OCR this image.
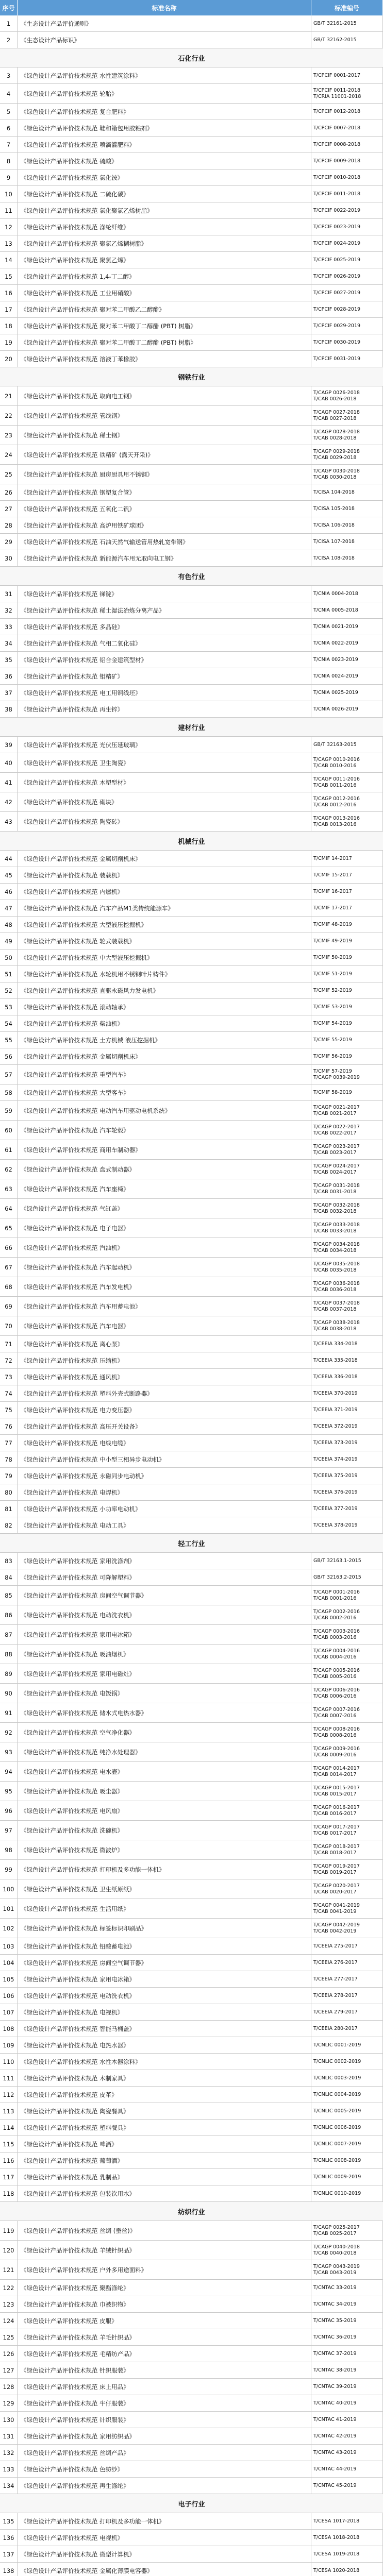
序号	标准名称	标准编号
1	《生态设计产品评价通则》	GB/T 32161-2015
2	《生态设计产品标识》	GB/T 32162-2015
石化行业
3	《绿色设计产品评价技术规范 水性建筑涂料》	T/CPCIF 0001-2017
4	《绿色设计产品评价技术规范 轮胎》	T/CPCIF 0011-2018
T/CRIA 11001-2018
5	《绿色设计产品评价技术规范 复合肥料》	T/CPCIF 0012-2018
6	《绿色设计产品评价技术规范 鞋和箱包用胶粘剂》	T/CPCIF 0007-2018
7	《绿色设计产品评价技术规范 喷滴灌肥料》	T/CPCIF 0008-2018
8	《绿色设计产品评价技术规范 硫酸》	T/CPCIF 0009-2018
9	《绿色设计产品评价技术规范 氯化铵》	T/CPCIF 0010-2018
10	《绿色设计产品评价技术规范 二硫化碳》	T/CPCIF 0011-2018
11	《绿色设计产品评价技术规范 氯化聚氯乙烯树脂》	T/CPCIF 0022-2019
12	《绿色设计产品评价技术规范 涤纶纤维》	T/CPCIF 0023-2019
13	《绿色设计产品评价技术规范 聚氯乙烯糊树脂》	T/CPCIF 0024-2019
14	《绿色设计产品评价技术规范 聚氯乙烯》	T/CPCIF 0025-2019
15	《绿色设计产品评价技术规范 1,4-丁二醇》	T/CPCIF 0026-2019
16	《绿色设计产品评价技术规范 工业用硝酸》	T/CPCIF 0027-2019
17	《绿色设计产品评价技术规范 聚对苯二甲酸乙二醇酯》	T/CPCIF 0028-2019
18	《绿色设计产品评价技术规范 聚对苯二甲酸丁二醇酯 (PBT) 树脂》	T/CPCIF 0029-2019
19	《绿色设计产品评价技术规范 聚对苯二甲酸丁二醇酯 (PBT) 树脂》	T/CPCIF 0030-2019
20	《绿色设计产品评价技术规范 溶液丁苯橡胶》	T/CPCIF 0031-2019
钢铁行业
21	《绿色设计产品评价技术规范 取向电工钢》	T/CAGP 0026-2018
T/CAB 0026-2018
22	《绿色设计产品评价技术规范 管线钢》	T/CAGP 0027-2018
T/CAB 0027-2018
23	《绿色设计产品评价技术规范 稀土钢》	T/CAGP 0028-2018
T/CAB 0028-2018
24	《绿色设计产品评价技术规范 铁精矿 (露天开采)》	T/CAGP 0029-2018
T/CAB 0029-2018
25	《绿色设计产品评价技术规范 厨房厨具用不锈钢》	T/CAGP 0030-2018
T/CAB 0030-2018
26	《绿色设计产品评价技术规范 钢塑复合管》	T/CISA 104-2018
27	《绿色设计产品评价技术规范 五氧化二钒》	T/CISA 105-2018
28	《绿色设计产品评价技术规范 高炉用铁矿球团》	T/CISA 106-2018
29	《绿色设计产品评价技术规范 石油天然气输送管用热轧宽带钢》	T/CISA 107-2018
30	《绿色设计产品评价技术规范 新能源汽车用无取向电工钢》	T/CISA 108-2018
有色行业
31	《绿色设计产品评价技术规范 锑锭》	T/CNIA 0004-2018
32	《绿色设计产品评价技术规范 稀土湿法冶炼分离产品》	T/CNIA 0005-2018
33	《绿色设计产品评价技术规范 多晶硅》	T/CNIA 0021-2019
34	《绿色设计产品评价技术规范 气相二氧化硅》	T/CNIA 0022-2019
35	《绿色设计产品评价技术规范 铝合金建筑型材》	T/CNIA 0023-2019
36	《绿色设计产品评价技术规范 钼精矿》	T/CNIA 0024-2019
37	《绿色设计产品评价技术规范 电工用铜线坯》	T/CNIA 0025-2019
38	《绿色设计产品评价技术规范 再生锌》	T/CNIA 0026-2019
建材行业
39	《绿色设计产品评价技术规范 光伏压延玻璃》	GB/T 32163-2015
40	《绿色设计产品评价技术规范 卫生陶瓷》	T/CAGP 0010-2016
T/CAB 0010-2016
41	《绿色设计产品评价技术规范 木塑型材》	T/CAGP 0011-2016
T/CAB 0011-2016
42	《绿色设计产品评价技术规范 砌块》	T/CAGP 0012-2016
T/CAB 0012-2016
43	《绿色设计产品评价技术规范 陶瓷砖》	T/CAGP 0013-2016
T/CAB 0013-2016
机械行业
44	《绿色设计产品评价技术规范 金属切削机床》	T/CMIF 14-2017
45	《绿色设计产品评价技术规范 装载机》	T/CMIF 15-2017
46	《绿色设计产品评价技术规范 内燃机》	T/CMIF 16-2017
47	《绿色设计产品评价技术规范 汽车产品M1类传统能源车》	T/CMIF 17-2017
48	《绿色设计产品评价技术规范 大型液压挖掘机》	T/CMIF 48-2019
49	《绿色设计产品评价技术规范 轮式装载机》	T/CMIF 49-2019
50	《绿色设计产品评价技术规范 中大型液压挖掘机》	T/CMIF 50-2019
51	《绿色设计产品评价技术规范 水轮机用不锈钢叶片铸件》	T/CMIF 51-2019
52	《绿色设计产品评价技术规范 直驱永磁风力发电机》	T/CMIF 52-2019
53	《绿色设计产品评价技术规范 滚动轴承》	T/CMIF 53-2019
54	《绿色设计产品评价技术规范 柴油机》	T/CMIF 54-2019
55	《绿色设计产品评价技术规范 土方机械 液压挖掘机》	T/CMIF 55-2019
56	《绿色设计产品评价技术规范 金属切削机床》	T/CMIF 56-2019
57	《绿色设计产品评价技术规范 重型汽车》	T/CMIF 57-2019
T/CAGP 0039-2019
58	《绿色设计产品评价技术规范 大型客车》	T/CMIF 58-2019
59	《绿色设计产品评价技术规范 电动汽车用驱动电机系统》	T/CAGP 0021-2017
T/CAB 0021-2017
60	《绿色设计产品评价技术规范 汽车轮毂》	T/CAGP 0022-2017
T/CAB 0022-2017
61	《绿色设计产品评价技术规范 商用车制动器》	T/CAGP 0023-2017
T/CAB 0023-2017
62	《绿色设计产品评价技术规范 盘式制动器》	T/CAGP 0024-2017
T/CAB 0024-2017
63	《绿色设计产品评价技术规范 汽车座椅》	T/CAGP 0031-2018
T/CAB 0031-2018
64	《绿色设计产品评价技术规范 气缸盖》	T/CAGP 0032-2018
T/CAB 0032-2018
65	《绿色设计产品评价技术规范 电子电器》	T/CAGP 0033-2018
T/CAB 0033-2018
66	《绿色设计产品评价技术规范 汽油机》	T/CAGP 0034-2018
T/CAB 0034-2018
67	《绿色设计产品评价技术规范 汽车起动机》	T/CAGP 0035-2018
T/CAB 0035-2018
68	《绿色设计产品评价技术规范 汽车发电机》	T/CAGP 0036-2018
T/CAB 0036-2018
69	《绿色设计产品评价技术规范 汽车用蓄电池》	T/CAGP 0037-2018
T/CAB 0037-2018
70	《绿色设计产品评价技术规范 汽车电器》	T/CAGP 0038-2018
T/CAB 0038-2018
71	《绿色设计产品评价技术规范 离心泵》	T/CEEIA 334-2018
72	《绿色设计产品评价技术规范 压缩机》	T/CEEIA 335-2018
73	《绿色设计产品评价技术规范 通风机》	T/CEEIA 336-2018
74	《绿色设计产品评价技术规范 塑料外壳式断路器》	T/CEEIA 370-2019
75	《绿色设计产品评价技术规范 电力变压器》	T/CEEIA 371-2019
76	《绿色设计产品评价技术规范 高压开关设备》	T/CEEIA 372-2019
77	《绿色设计产品评价技术规范 电线电缆》	T/CEEIA 373-2019
78	《绿色设计产品评价技术规范 中小型三相异步电动机》	T/CEEIA 374-2019
79	《绿色设计产品评价技术规范 永磁同步电动机》	T/CEEIA 375-2019
80	《绿色设计产品评价技术规范 电焊机》	T/CEEIA 376-2019
81	《绿色设计产品评价技术规范 小功率电动机》	T/CEEIA 377-2019
82	《绿色设计产品评价技术规范 电动工具》	T/CEEIA 378-2019
轻工行业
83	《绿色设计产品评价技术规范 家用洗涤剂》	GB/T 32163.1-2015
84	《绿色设计产品评价技术规范 可降解塑料》	GB/T 32163.2-2015
85	《绿色设计产品评价技术规范 房间空气调节器》	T/CAGP 0001-2016
T/CAB 0001-2016
86	《绿色设计产品评价技术规范 电动洗衣机》	T/CAGP 0002-2016
T/CAB 0002-2016
87	《绿色设计产品评价技术规范 家用电冰箱》	T/CAGP 0003-2016
T/CAB 0003-2016
88	《绿色设计产品评价技术规范 吸油烟机》	T/CAGP 0004-2016
T/CAB 0004-2016
89	《绿色设计产品评价技术规范 家用电磁灶》	T/CAGP 0005-2016
T/CAB 0005-2016
90	《绿色设计产品评价技术规范 电饭锅》	T/CAGP 0006-2016
T/CAB 0006-2016
91	《绿色设计产品评价技术规范 储水式电热水器》	T/CAGP 0007-2016
T/CAB 0007-2016
92	《绿色设计产品评价技术规范 空气净化器》	T/CAGP 0008-2016
T/CAB 0008-2016
93	《绿色设计产品评价技术规范 纯净水处理器》	T/CAGP 0009-2016
T/CAB 0009-2016
94	《绿色设计产品评价技术规范 电水壶》	T/CAGP 0014-2017
T/CAB 0014-2017
95	《绿色设计产品评价技术规范 吸尘器》	T/CAGP 0015-2017
T/CAB 0015-2017
96	《绿色设计产品评价技术规范 电风扇》	T/CAGP 0016-2017
T/CAB 0016-2017
97	《绿色设计产品评价技术规范 洗碗机》	T/CAGP 0017-2017
T/CAB 0017-2017
98	《绿色设计产品评价技术规范 微波炉》	T/CAGP 0018-2017
T/CAB 0018-2017
99	《绿色设计产品评价技术规范 打印机及多功能一体机》	T/CAGP 0019-2017
T/CAB 0019-2017
100	《绿色设计产品评价技术规范 卫生纸原纸》	T/CAGP 0020-2017
T/CAB 0020-2017
101	《绿色设计产品评价技术规范 生活用纸》	T/CAGP 0041-2019
T/CAB 0041-2019
102	《绿色设计产品评价技术规范 标签标识印刷品》	T/CAGP 0042-2019
T/CAB 0042-2019
103	《绿色设计产品评价技术规范 铅酸蓄电池》	T/CEEIA 275-2017
104	《绿色设计产品评价技术规范 房间空气调节器》	T/CEEIA 276-2017
105	《绿色设计产品评价技术规范 家用电冰箱》	T/CEEIA 277-2017
106	《绿色设计产品评价技术规范 电动洗衣机》	T/CEEIA 278-2017
107	《绿色设计产品评价技术规范 电视机》	T/CEEIA 279-2017
108	《绿色设计产品评价技术规范 智能马桶盖》	T/CEEIA 280-2017
109	《绿色设计产品评价技术规范 电热水器》	T/CNLIC 0001-2019
110	《绿色设计产品评价技术规范 水性木器涂料》	T/CNLIC 0002-2019
111	《绿色设计产品评价技术规范 木制家具》	T/CNLIC 0003-2019
112	《绿色设计产品评价技术规范 皮革》	T/CNLIC 0004-2019
113	《绿色设计产品评价技术规范 陶瓷餐具》	T/CNLIC 0005-2019
114	《绿色设计产品评价技术规范 塑料餐具》	T/CNLIC 0006-2019
115	《绿色设计产品评价技术规范 啤酒》	T/CNLIC 0007-2019
116	《绿色设计产品评价技术规范 葡萄酒》	T/CNLIC 0008-2019
117	《绿色设计产品评价技术规范 乳制品》	T/CNLIC 0009-2019
118	《绿色设计产品评价技术规范 包装饮用水》	T/CNLIC 0010-2019
纺织行业
119	《绿色设计产品评价技术规范 丝绸 (蚕丝)》	T/CAGP 0025-2017
T/CAB 0025-2017
120	《绿色设计产品评价技术规范 羊绒针织品》	T/CAGP 0040-2018
T/CAB 0040-2018
121	《绿色设计产品评价技术规范 户外多用途面料》	T/CAGP 0043-2019
T/CAB 0043-2019
122	《绿色设计产品评价技术规范 聚酯涤纶》	T/CNTAC 33-2019
123	《绿色设计产品评价技术规范 巾被织物》	T/CNTAC 34-2019
124	《绿色设计产品评价技术规范 皮服》	T/CNTAC 35-2019
125	《绿色设计产品评价技术规范 羊毛针织品》	T/CNTAC 36-2019
126	《绿色设计产品评价技术规范 毛精纺产品》	T/CNTAC 37-2019
127	《绿色设计产品评价技术规范 针织服装》	T/CNTAC 38-2019
128	《绿色设计产品评价技术规范 床上用品》	T/CNTAC 39-2019
129	《绿色设计产品评价技术规范 牛仔服装》	T/CNTAC 40-2019
130	《绿色设计产品评价技术规范 针织服装》	T/CNTAC 41-2019
131	《绿色设计产品评价技术规范 家用纺织品》	T/CNTAC 42-2019
132	《绿色设计产品评价技术规范 丝绸产品》	T/CNTAC 43-2019
133	《绿色设计产品评价技术规范 色纺纱》	T/CNTAC 44-2019
134	《绿色设计产品评价技术规范 再生涤纶》	T/CNTAC 45-2019
电子行业
135	《绿色设计产品评价技术规范 打印机及多功能一体机》	T/CESA 1017-2018
136	《绿色设计产品评价技术规范 电视机》	T/CESA 1018-2018
137	《绿色设计产品评价技术规范 微型计算机》	T/CESA 1019-2018
138	《绿色设计产品评价技术规范 金属化薄膜电容器》	T/CESA 1020-2018
